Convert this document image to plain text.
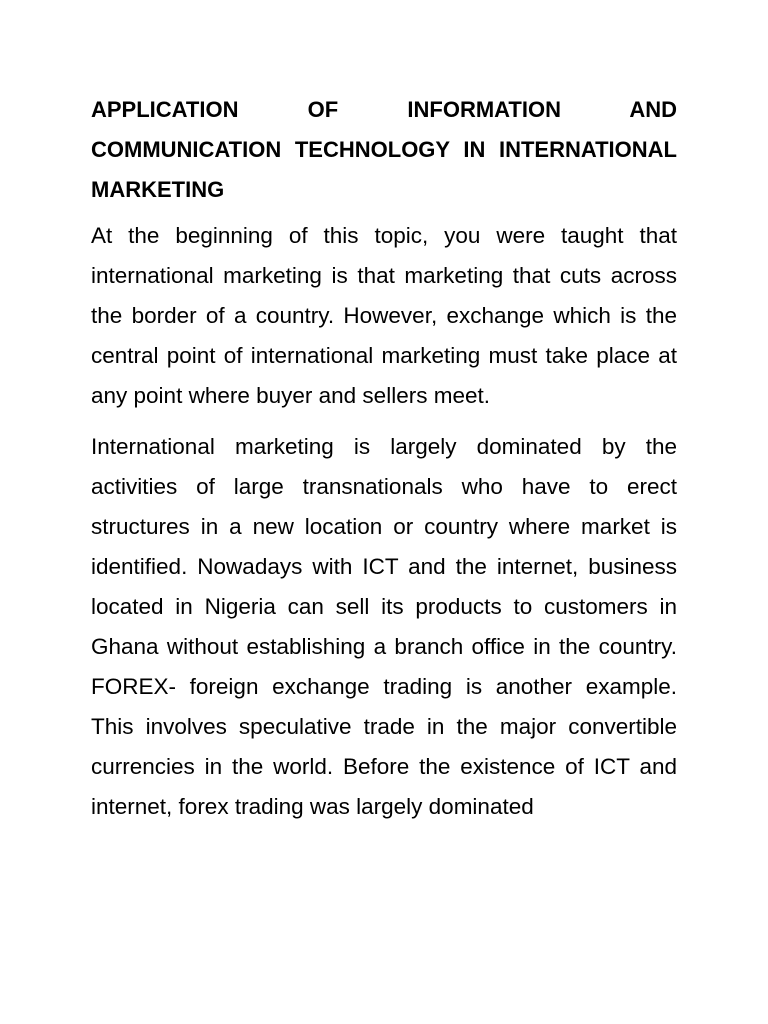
APPLICATION OF INFORMATION AND COMMUNICATION TECHNOLOGY IN INTERNATIONAL MARKETING

At the beginning of this topic, you were taught that international marketing is that marketing that cuts across the border of a country. However, exchange which is the central point of international marketing must take place at any point where buyer and sellers meet.

International marketing is largely dominated by the activities of large transnationals who have to erect structures in a new location or country where market is identified. Nowadays with ICT and the internet, business located in Nigeria can sell its products to customers in Ghana without establishing a branch office in the country.   FOREX- foreign exchange trading is another example. This involves speculative trade in the major convertible currencies in the world. Before the existence of ICT and internet, forex trading was largely dominated
